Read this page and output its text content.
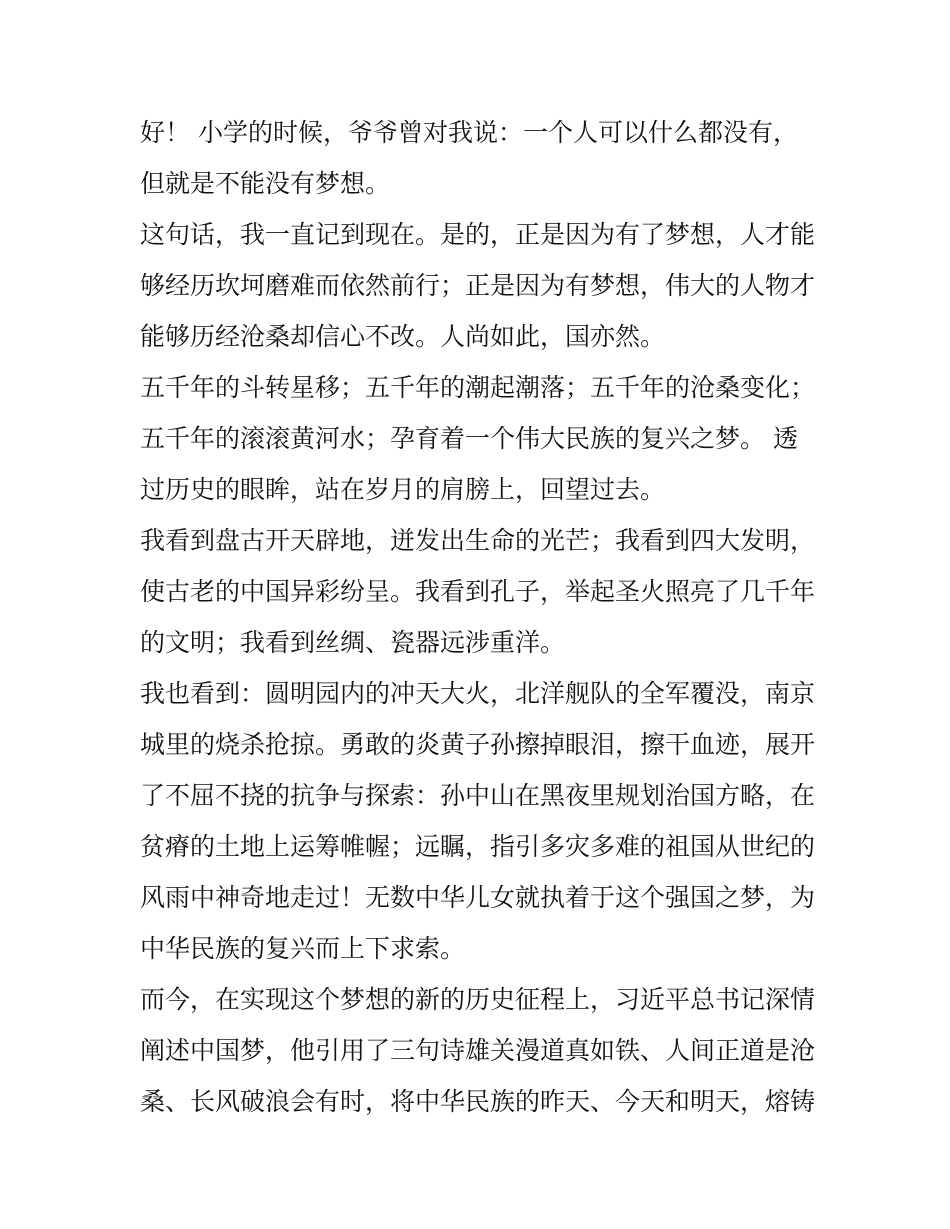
好！ 小学的时候，爷爷曾对我说：一个人可以什么都没有，
但就是不能没有梦想。
这句话，我一直记到现在。是的，正是因为有了梦想，人才能
够经历坎坷磨难而依然前行；正是因为有梦想，伟大的人物才
能够历经沧桑却信心不改。人尚如此，国亦然。
五千年的斗转星移；五千年的潮起潮落；五千年的沧桑变化；
五千年的滚滚黄河水；孕育着一个伟大民族的复兴之梦。 透
过历史的眼眸，站在岁月的肩膀上，回望过去。
我看到盘古开天辟地，迸发出生命的光芒；我看到四大发明，
使古老的中国异彩纷呈。我看到孔子，举起圣火照亮了几千年
的文明；我看到丝绸、瓷器远涉重洋。
我也看到：圆明园内的冲天大火，北洋舰队的全军覆没，南京
城里的烧杀抢掠。勇敢的炎黄子孙擦掉眼泪，擦干血迹，展开
了不屈不挠的抗争与探索：孙中山在黑夜里规划治国方略，在
贫瘠的土地上运筹帷幄；远瞩，指引多灾多难的祖国从世纪的
风雨中神奇地走过！无数中华儿女就执着于这个强国之梦，为
中华民族的复兴而上下求索。
而今，在实现这个梦想的新的历史征程上，习近平总书记深情
阐述中国梦，他引用了三句诗雄关漫道真如铁、人间正道是沧
桑、长风破浪会有时，将中华民族的昨天、今天和明天，熔铸
